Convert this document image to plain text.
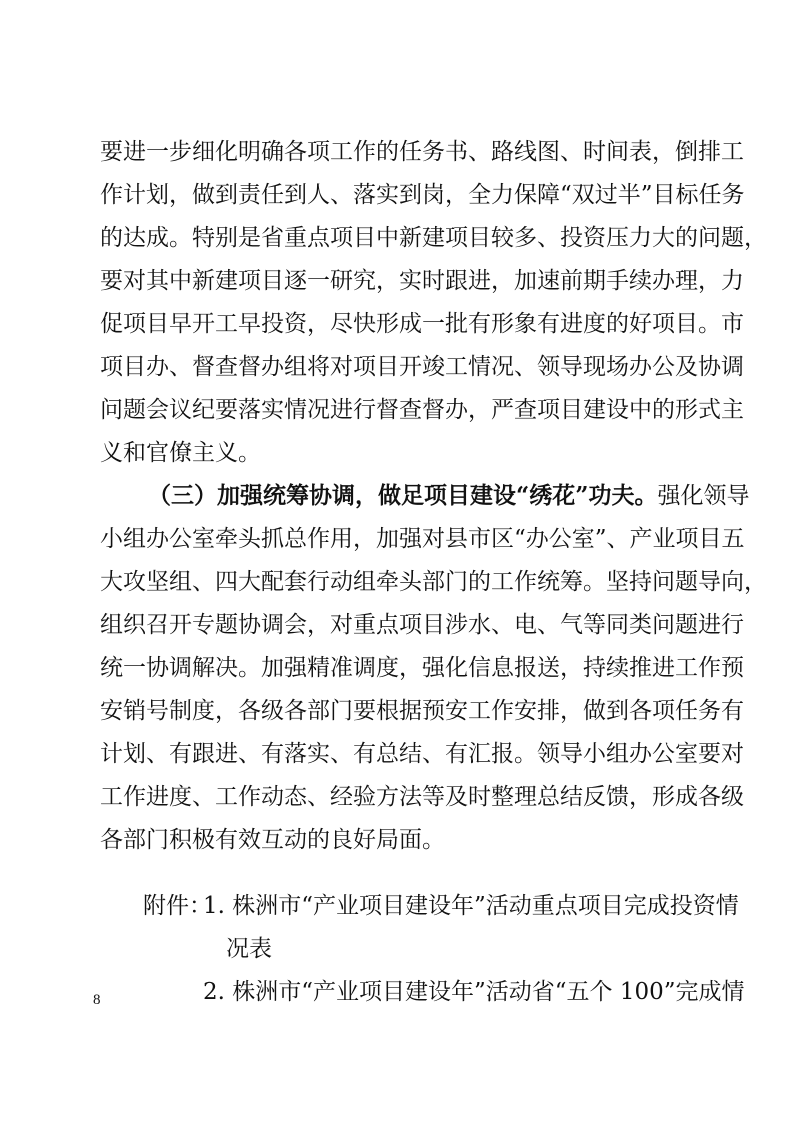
要进一步细化明确各项工作的任务书、路线图、时间表，倒排工
作计划，做到责任到人、落实到岗，全力保障“双过半”目标任务
的达成。特别是省重点项目中新建项目较多、投资压力大的问题，
要对其中新建项目逐一研究，实时跟进，加速前期手续办理，力
促项目早开工早投资，尽快形成一批有形象有进度的好项目。市
项目办、督查督办组将对项目开竣工情况、领导现场办公及协调
问题会议纪要落实情况进行督查督办，严查项目建设中的形式主
义和官僚主义。
（三）加强统筹协调，做足项目建设“绣花”功夫。强化领导
小组办公室牵头抓总作用，加强对县市区“办公室”、产业项目五
大攻坚组、四大配套行动组牵头部门的工作统筹。坚持问题导向，
组织召开专题协调会，对重点项目涉水、电、气等同类问题进行
统一协调解决。加强精准调度，强化信息报送，持续推进工作预
安销号制度，各级各部门要根据预安工作安排，做到各项任务有
计划、有跟进、有落实、有总结、有汇报。领导小组办公室要对
工作进度、工作动态、经验方法等及时整理总结反馈，形成各级
各部门积极有效互动的良好局面。
附件：
1. 株洲市“产业项目建设年”活动重点项目完成投资情
况表
2. 株洲市“产业项目建设年”活动省“五个 100”完成情
8
